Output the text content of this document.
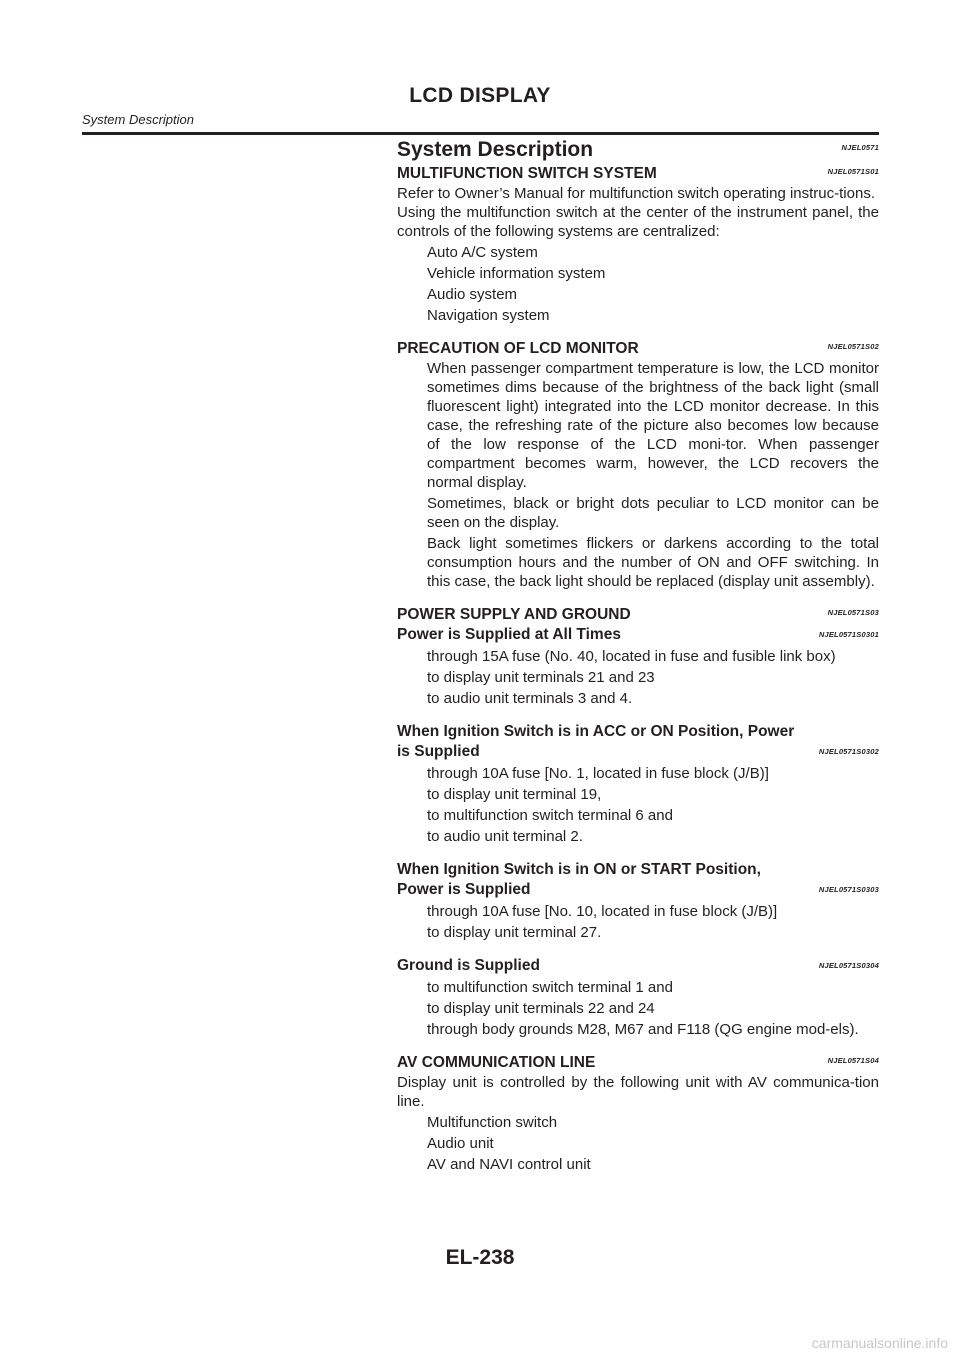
LCD DISPLAY
System Description
System Description	NJEL0571
MULTIFUNCTION SWITCH SYSTEM	NJEL0571S01

Refer to Owner’s Manual for multifunction switch operating instruc-tions.

Using the multifunction switch at the center of the instrument panel, the controls of the following systems are centralized:

Auto A/C system
Vehicle information system
Audio system
Navigation system
PRECAUTION OF LCD MONITOR	NJEL0571S02

When passenger compartment temperature is low, the LCD monitor sometimes dims because of the brightness of the back light (small fluorescent light) integrated into the LCD monitor decrease. In this case, the refreshing rate of the picture also becomes low because of the low response of the LCD moni-tor. When passenger compartment becomes warm, however, the LCD recovers the normal display.

Sometimes, black or bright dots peculiar to LCD monitor can be seen on the display.

Back light sometimes flickers or darkens according to the total consumption hours and the number of ON and OFF switching. In this case, the back light should be replaced (display unit assembly).

POWER SUPPLY AND GROUND	NJEL0571S03
Power is Supplied at All Times	NJEL0571S0301
through 15A fuse (No. 40, located in fuse and fusible link box)
to display unit terminals 21 and 23
to audio unit terminals 3 and 4.
When Ignition Switch is in ACC or ON Position, Power
is Supplied	NJEL0571S0302
through 10A fuse [No. 1, located in fuse block (J/B)]
to display unit terminal 19,
to multifunction switch terminal 6 and
to audio unit terminal 2.
When Ignition Switch is in ON or START Position,
Power is Supplied	NJEL0571S0303
through 10A fuse [No. 10, located in fuse block (J/B)]
to display unit terminal 27.
Ground is Supplied	NJEL0571S0304
to multifunction switch terminal 1 and
to display unit terminals 22 and 24
through body grounds M28, M67 and F118 (QG engine mod-els).
AV COMMUNICATION LINE	NJEL0571S04

Display unit is controlled by the following unit with AV communica-tion line.

Multifunction switch
Audio unit
AV and NAVI control unit
EL-238
carmanualsonline.info
